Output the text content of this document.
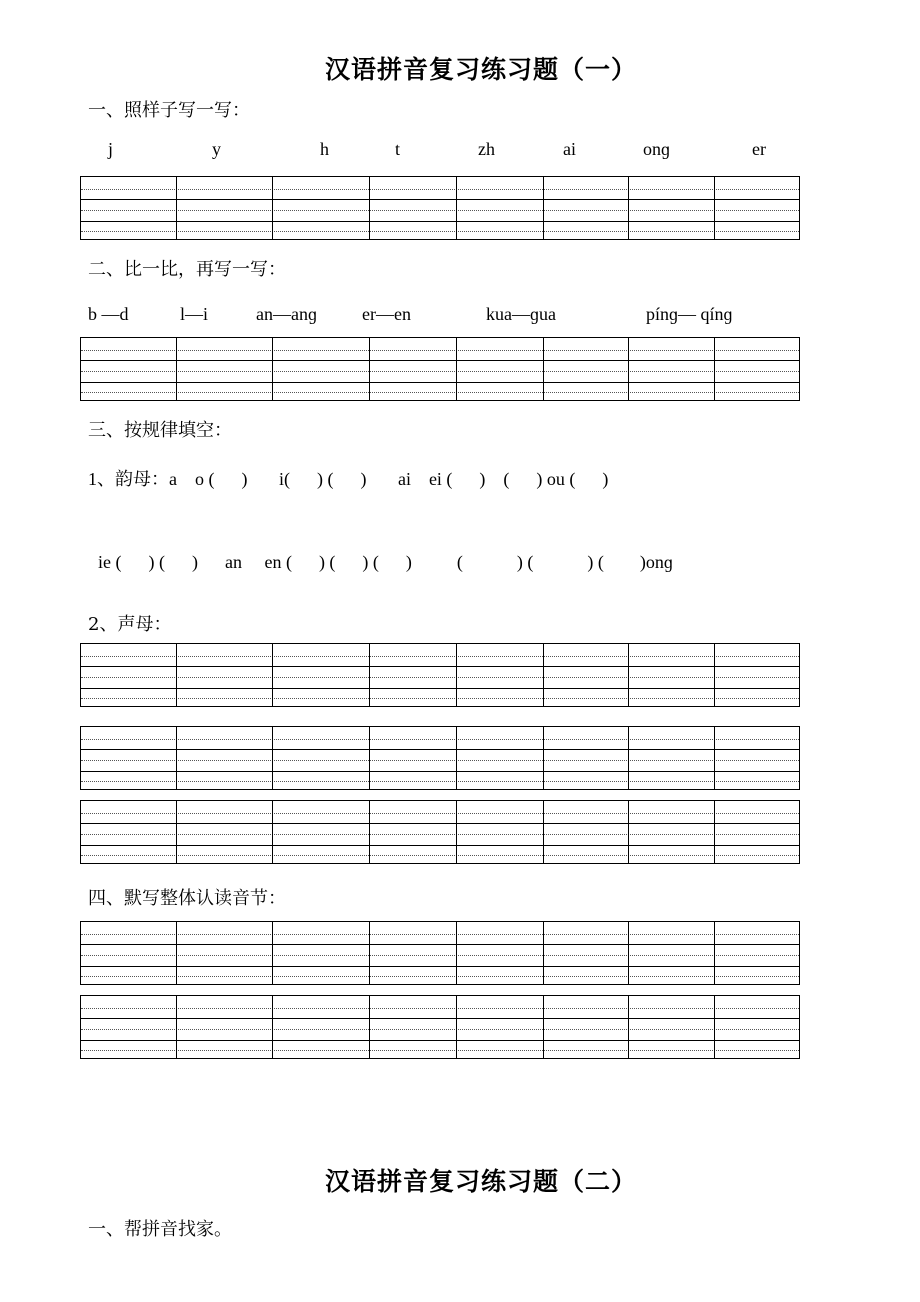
汉语拼音复习练习题（一）
一、照样子写一写：
j	y	h	t	zh	ai	onɡ	er
二、比一比，再写一写：
b —d	l—i	an—anɡ	er—en	kua—ɡua	pínɡ— qínɡ
三、按规律填空：
1、韵母：a    o (      )       i(      ) (      )       ai    ei (      )    (      ) ou (      )
ie (      ) (      )      an     en (      ) (      ) (      )          (            ) (            ) (        )onɡ
2、声母：
四、默写整体认读音节：
汉语拼音复习练习题（二）
一、帮拼音找家。
